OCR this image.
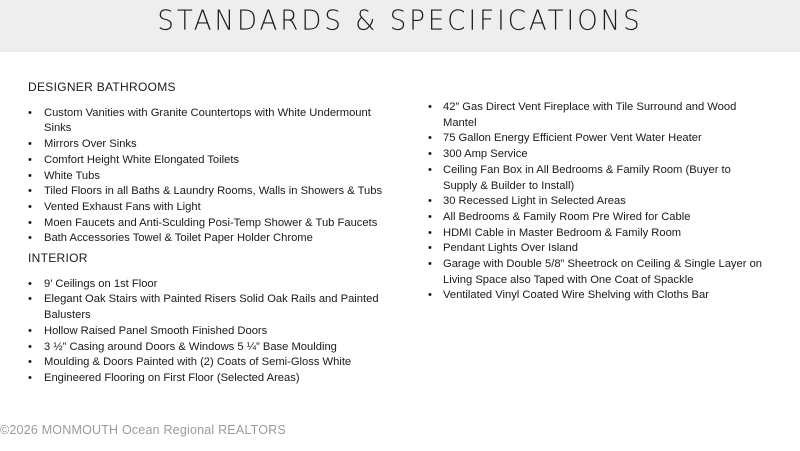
STANDARDS & SPECIFICATIONS
DESIGNER BATHROOMS
• Custom Vanities with Granite Countertops with White Undermount Sinks
• Mirrors Over Sinks
• Comfort Height White Elongated Toilets
• White Tubs
• Tiled Floors in all Baths & Laundry Rooms, Walls in Showers & Tubs
• Vented Exhaust Fans with Light
• Moen Faucets and Anti-Sculding Posi-Temp Shower & Tub Faucets
• Bath Accessories Towel & Toilet Paper Holder Chrome
INTERIOR
• 9’ Ceilings on 1st Floor
• Elegant Oak Stairs with Painted Risers Solid Oak Rails and Painted Balusters
• Hollow Raised Panel Smooth Finished Doors
• 3 ½” Casing around Doors & Windows 5 ¼” Base Moulding
• Moulding & Doors Painted with (2) Coats of Semi-Gloss White
• Engineered Flooring on First Floor (Selected Areas)
• 42” Gas Direct Vent Fireplace with Tile Surround and Wood Mantel
• 75 Gallon Energy Efficient Power Vent Water Heater
• 300 Amp Service
• Ceiling Fan Box in All Bedrooms & Family Room (Buyer to Supply & Builder to Install)
• 30 Recessed Light in Selected Areas
• All Bedrooms & Family Room Pre Wired for Cable
• HDMI Cable in Master Bedroom & Family Room
• Pendant Lights Over Island
• Garage with Double 5/8” Sheetrock on Ceiling & Single Layer on Living Space also Taped with One Coat of Spackle
• Ventilated Vinyl Coated Wire Shelving with Cloths Bar
©2026 MONMOUTH Ocean Regional REALTORS
